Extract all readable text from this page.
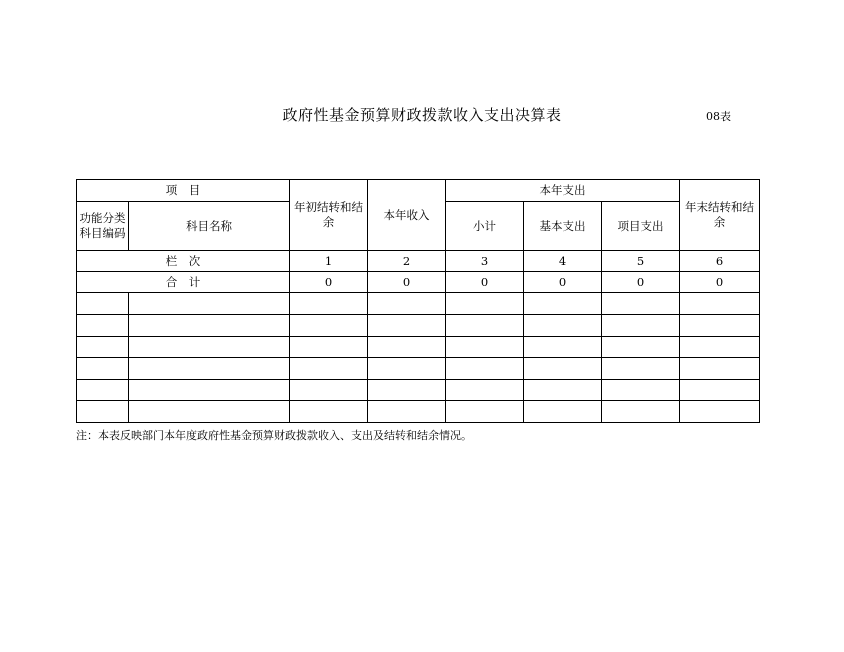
政府性基金预算财政拨款收入支出决算表	08表
项　目		年初结转和结余	本年收入	本年支出			年末结转和结余
功能分类科目编码	科目名称			小计	基本支出	项目支出	
栏　次		1	2	3	4	5	6
合　计		0	0	0	0	0	0

注：本表反映部门本年度政府性基金预算财政拨款收入、支出及结转和结余情况。
